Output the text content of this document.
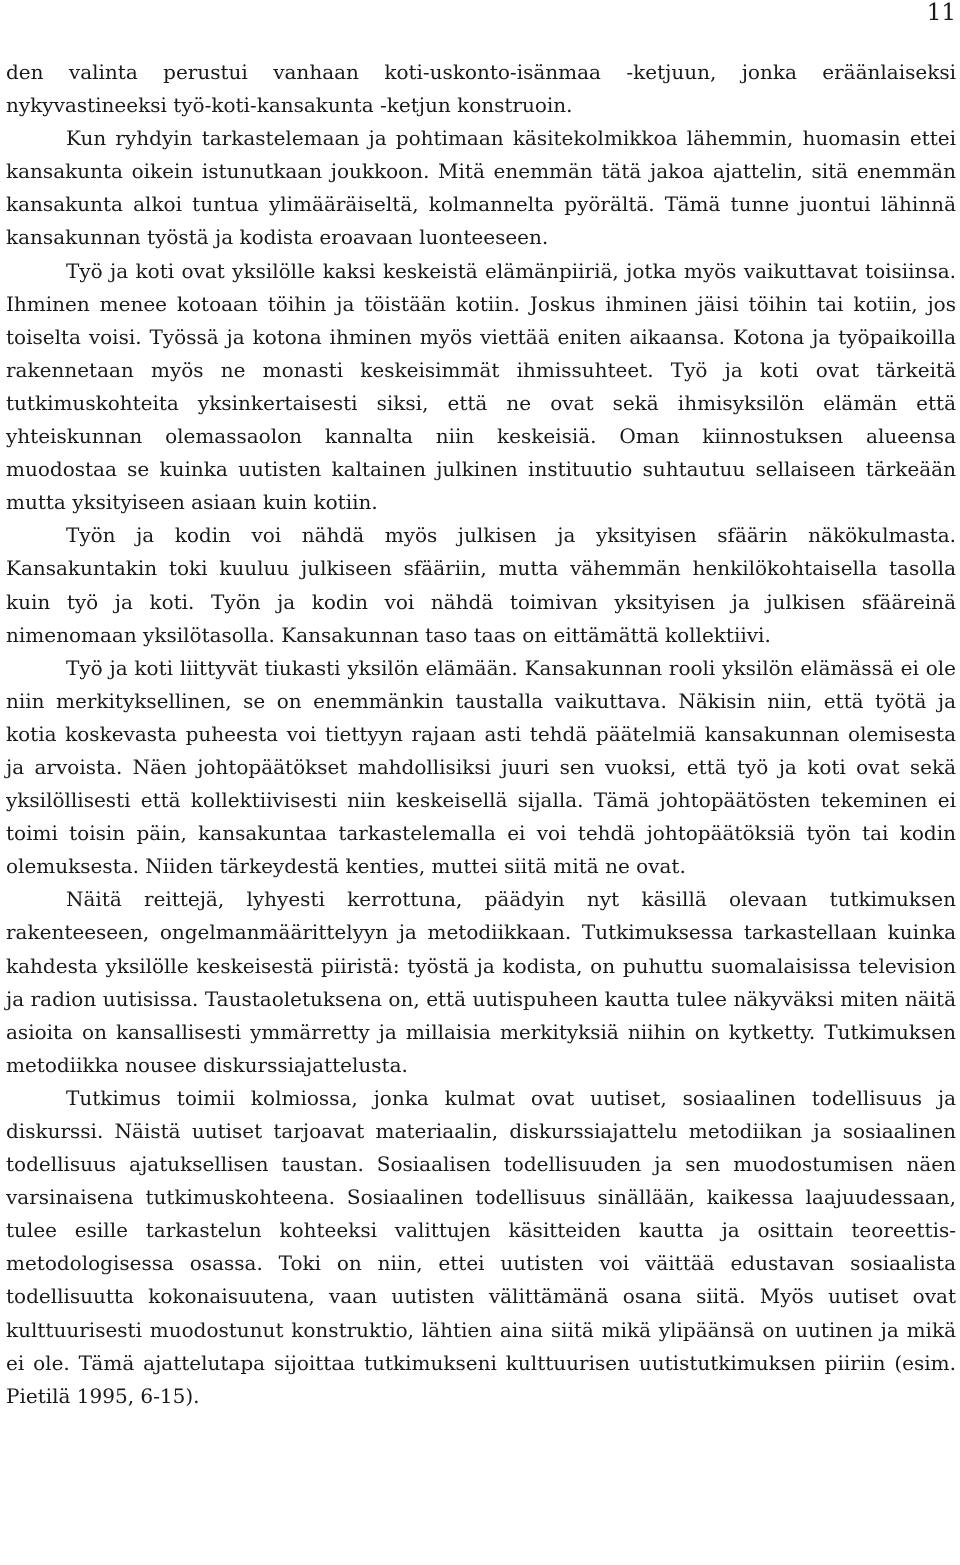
11

den valinta perustui vanhaan koti-uskonto-isänmaa -ketjuun, jonka eräänlaiseksi nykyvastineeksi työ-koti-kansakunta -ketjun konstruoin.

Kun ryhdyin tarkastelemaan ja pohtimaan käsitekolmikkoa lähemmin, huomasin ettei kansakunta oikein istunutkaan joukkoon. Mitä enemmän tätä jakoa ajattelin, sitä enemmän kansakunta alkoi tuntua ylimääräiseltä, kolmannelta pyörältä. Tämä tunne juontui lähinnä kansakunnan työstä ja kodista eroavaan luonteeseen.

Työ ja koti ovat yksilölle kaksi keskeistä elämänpiiriä, jotka myös vaikuttavat toisiinsa. Ihminen menee kotoaan töihin ja töistään kotiin. Joskus ihminen jäisi töihin tai kotiin, jos toiselta voisi. Työssä ja kotona ihminen myös viettää eniten aikaansa. Kotona ja työpaikoilla rakennetaan myös ne monasti keskeisimmät ihmissuhteet. Työ ja koti ovat tärkeitä tutkimuskohteita yksinkertaisesti siksi, että ne ovat sekä ihmisyksilön elämän että yhteiskunnan olemassaolon kannalta niin keskeisiä. Oman kiinnostuksen alueensa muodostaa se kuinka uutisten kaltainen julkinen instituutio suhtautuu sellaiseen tärkeään mutta yksityiseen asiaan kuin kotiin.

Työn ja kodin voi nähdä myös julkisen ja yksityisen sfäärin näkökulmasta. Kansakuntakin toki kuuluu julkiseen sfääriin, mutta vähemmän henkilökohtaisella tasolla kuin työ ja koti. Työn ja kodin voi nähdä toimivan yksityisen ja julkisen sfääreinä nimenomaan yksilötasolla. Kansakunnan taso taas on eittämättä kollektiivi.

Työ ja koti liittyvät tiukasti yksilön elämään. Kansakunnan rooli yksilön elämässä ei ole niin merkityksellinen, se on enemmänkin taustalla vaikuttava. Näkisin niin, että työtä ja kotia koskevasta puheesta voi tiettyyn rajaan asti tehdä päätelmiä kansakunnan olemisesta ja arvoista. Näen johtopäätökset mahdollisiksi juuri sen vuoksi, että työ ja koti ovat sekä yksilöllisesti että kollektiivisesti niin keskeisellä sijalla. Tämä johtopäätösten tekeminen ei toimi toisin päin, kansakuntaa tarkastelemalla ei voi tehdä johtopäätöksiä työn tai kodin olemuksesta. Niiden tärkeydestä kenties, muttei siitä mitä ne ovat.

Näitä reittejä, lyhyesti kerrottuna, päädyin nyt käsillä olevaan tutkimuksen rakenteeseen, ongelmanmäärittelyyn ja metodiikkaan. Tutkimuksessa tarkastellaan kuinka kahdesta yksilölle keskeisestä piiristä: työstä ja kodista, on puhuttu suomalaisissa television ja radion uutisissa. Taustaoletuksena on, että uutispuheen kautta tulee näkyväksi miten näitä asioita on kansallisesti ymmärretty ja millaisia merkityksiä niihin on kytketty. Tutkimuksen metodiikka nousee diskurssiajattelusta.

Tutkimus toimii kolmiossa, jonka kulmat ovat uutiset, sosiaalinen todellisuus ja diskurssi. Näistä uutiset tarjoavat materiaalin, diskurssiajattelu metodiikan ja sosiaalinen todellisuus ajatuksellisen taustan. Sosiaalisen todellisuuden ja sen muodostumisen näen varsinaisena tutkimuskohteena. Sosiaalinen todellisuus sinällään, kaikessa laajuudessaan, tulee esille tarkastelun kohteeksi valittujen käsitteiden kautta ja osittain teoreettis-metodologisessa osassa. Toki on niin, ettei uutisten voi väittää edustavan sosiaalista todellisuutta kokonaisuutena, vaan uutisten välittämänä osana siitä. Myös uutiset ovat kulttuurisesti muodostunut konstruktio, lähtien aina siitä mikä ylipäänsä on uutinen ja mikä ei ole. Tämä ajattelutapa sijoittaa tutkimukseni kulttuurisen uutistutkimuksen piiriin (esim. Pietilä 1995, 6-15).
